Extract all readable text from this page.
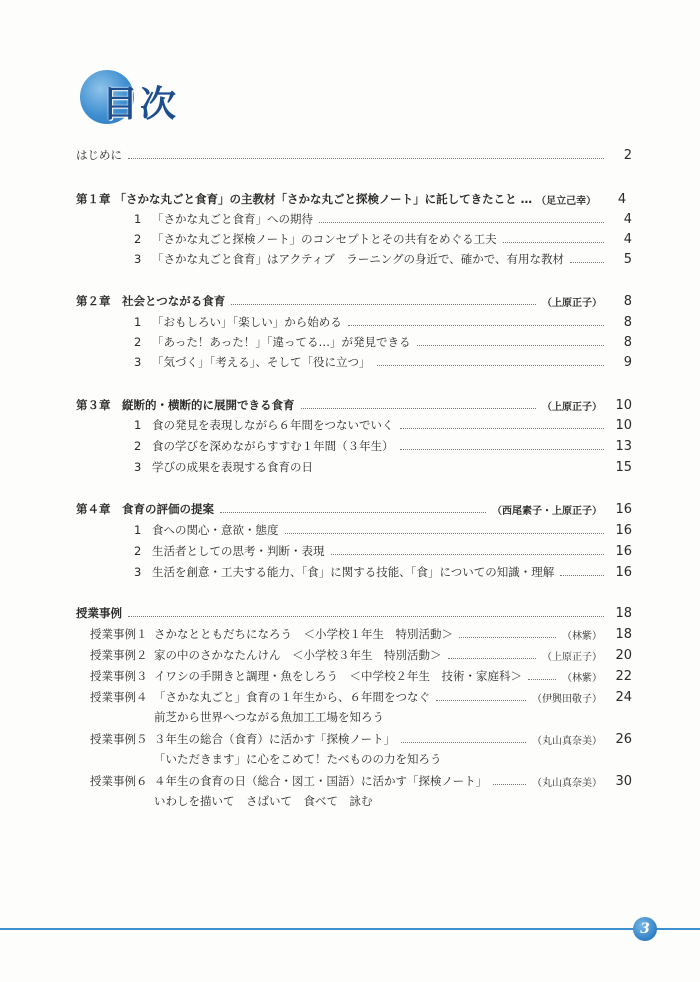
目次
はじめに	2
第１章 「さかな丸ごと食育」の主教材「さかな丸ごと探検ノート」に託してきたこと … （足立己幸）	4
1 「さかな丸ごと食育」への期待	4
2 「さかな丸ごと探検ノート」のコンセプトとその共有をめぐる工夫	4
3 「さかな丸ごと食育」はアクティブ　ラーニングの身近で、確かで、有用な教材	5
第２章　社会とつながる食育	（上原正子）	8
1 「おもしろい」「楽しい」から始める	8
2 「あった！あった！」「違ってる…」が発見できる	8
3 「気づく」「考える」、そして「役に立つ」	9
第３章　縦断的・横断的に展開できる食育	（上原正子）	10
1 食の発見を表現しながら６年間をつないでいく	10
2 食の学びを深めながらすすむ１年間（３年生）	13
3 学びの成果を表現する食育の日	15
第４章　食育の評価の提案	（西尾素子・上原正子）	16
1 食への関心・意欲・態度	16
2 生活者としての思考・判断・表現	16
3 生活を創意・工夫する能力、「食」に関する技能、「食」についての知識・理解	16
授業事例	18
授業事例１ さかなとともだちになろう　＜小学校１年生　特別活動＞	（林紫）	18
授業事例２ 家の中のさかなたんけん　＜小学校３年生　特別活動＞	（上原正子）	20
授業事例３ イワシの手開きと調理・魚をしろう　＜中学校２年生　技術・家庭科＞	（林紫）	22
授業事例４ 「さかな丸ごと」食育の１年生から、６年間をつなぐ	（伊興田敬子）	24
前芝から世界へつながる魚加工工場を知ろう
授業事例５ ３年生の総合（食育）に活かす「探検ノート」	（丸山真奈美）	26
「いただきます」に心をこめて！たべものの力を知ろう
授業事例６ ４年生の食育の日（総合・図工・国語）に活かす「探検ノート」	（丸山真奈美）	30
いわしを描いて　さばいて　食べて　詠む
3
